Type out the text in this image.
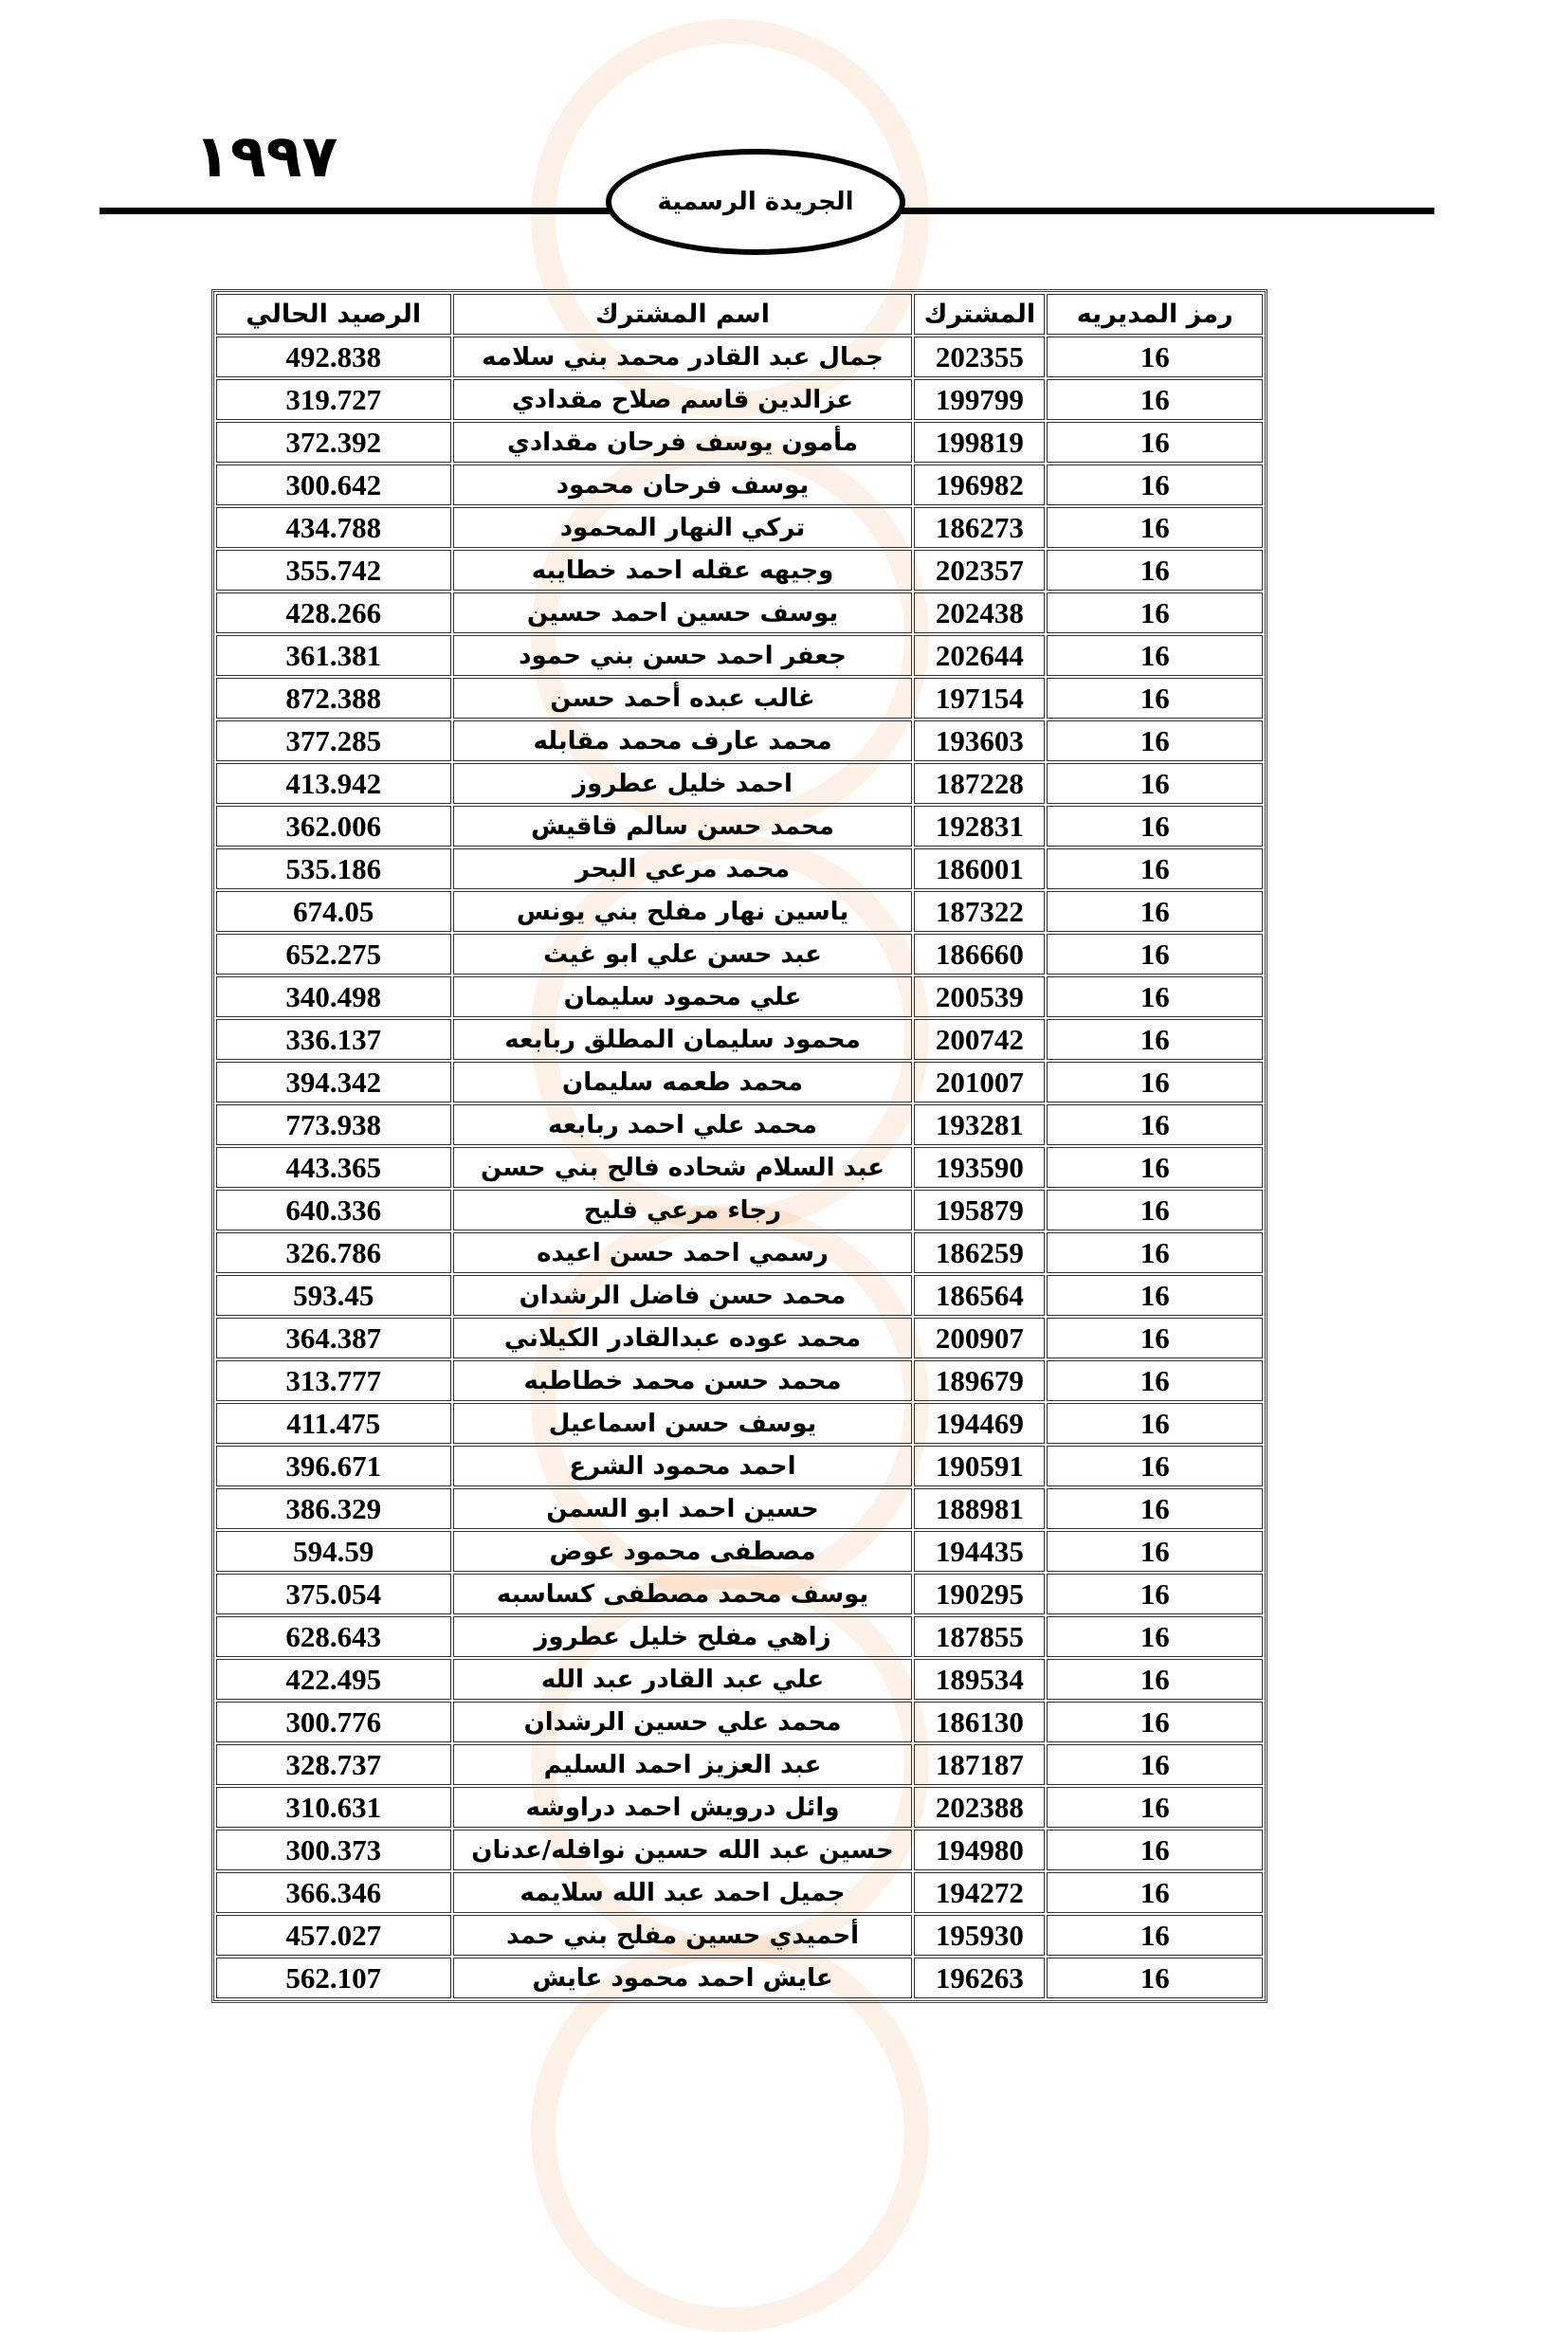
١٩٩٧
الجريدة الرسمية
رمز المديريه	المشترك	اسم المشترك	الرصيد الحالي
16	202355	جمال عبد القادر محمد بني سلامه	492.838
16	199799	عزالدين قاسم صلاح مقدادي	319.727
16	199819	مأمون يوسف فرحان مقدادي	372.392
16	196982	يوسف فرحان محمود	300.642
16	186273	تركي النهار المحمود	434.788
16	202357	وجيهه عقله احمد خطايبه	355.742
16	202438	يوسف حسين احمد حسين	428.266
16	202644	جعفر احمد حسن بني حمود	361.381
16	197154	غالب عبده أحمد حسن	872.388
16	193603	محمد عارف محمد مقابله	377.285
16	187228	احمد خليل عطروز	413.942
16	192831	محمد حسن سالم قاقيش	362.006
16	186001	محمد مرعي البحر	535.186
16	187322	ياسين نهار مفلح بني يونس	674.05
16	186660	عبد حسن علي ابو غيث	652.275
16	200539	علي محمود سليمان	340.498
16	200742	محمود سليمان المطلق ربابعه	336.137
16	201007	محمد طعمه سليمان	394.342
16	193281	محمد علي احمد ربابعه	773.938
16	193590	عبد السلام شحاده فالح بني حسن	443.365
16	195879	رجاء مرعي فليح	640.336
16	186259	رسمي احمد حسن اعيده	326.786
16	186564	محمد حسن فاضل الرشدان	593.45
16	200907	محمد عوده عبدالقادر الكيلاني	364.387
16	189679	محمد حسن محمد خطاطبه	313.777
16	194469	يوسف حسن اسماعيل	411.475
16	190591	احمد محمود الشرع	396.671
16	188981	حسين احمد ابو السمن	386.329
16	194435	مصطفى محمود عوض	594.59
16	190295	يوسف محمد مصطفى كساسبه	375.054
16	187855	زاهي مفلح خليل عطروز	628.643
16	189534	علي عبد القادر عبد الله	422.495
16	186130	محمد علي حسين الرشدان	300.776
16	187187	عبد العزيز احمد السليم	328.737
16	202388	وائل درويش احمد دراوشه	310.631
16	194980	حسين عبد الله حسين نوافله/عدنان	300.373
16	194272	جميل احمد عبد الله سلايمه	366.346
16	195930	أحميدي حسين مفلح بني حمد	457.027
16	196263	عايش احمد محمود عايش	562.107
